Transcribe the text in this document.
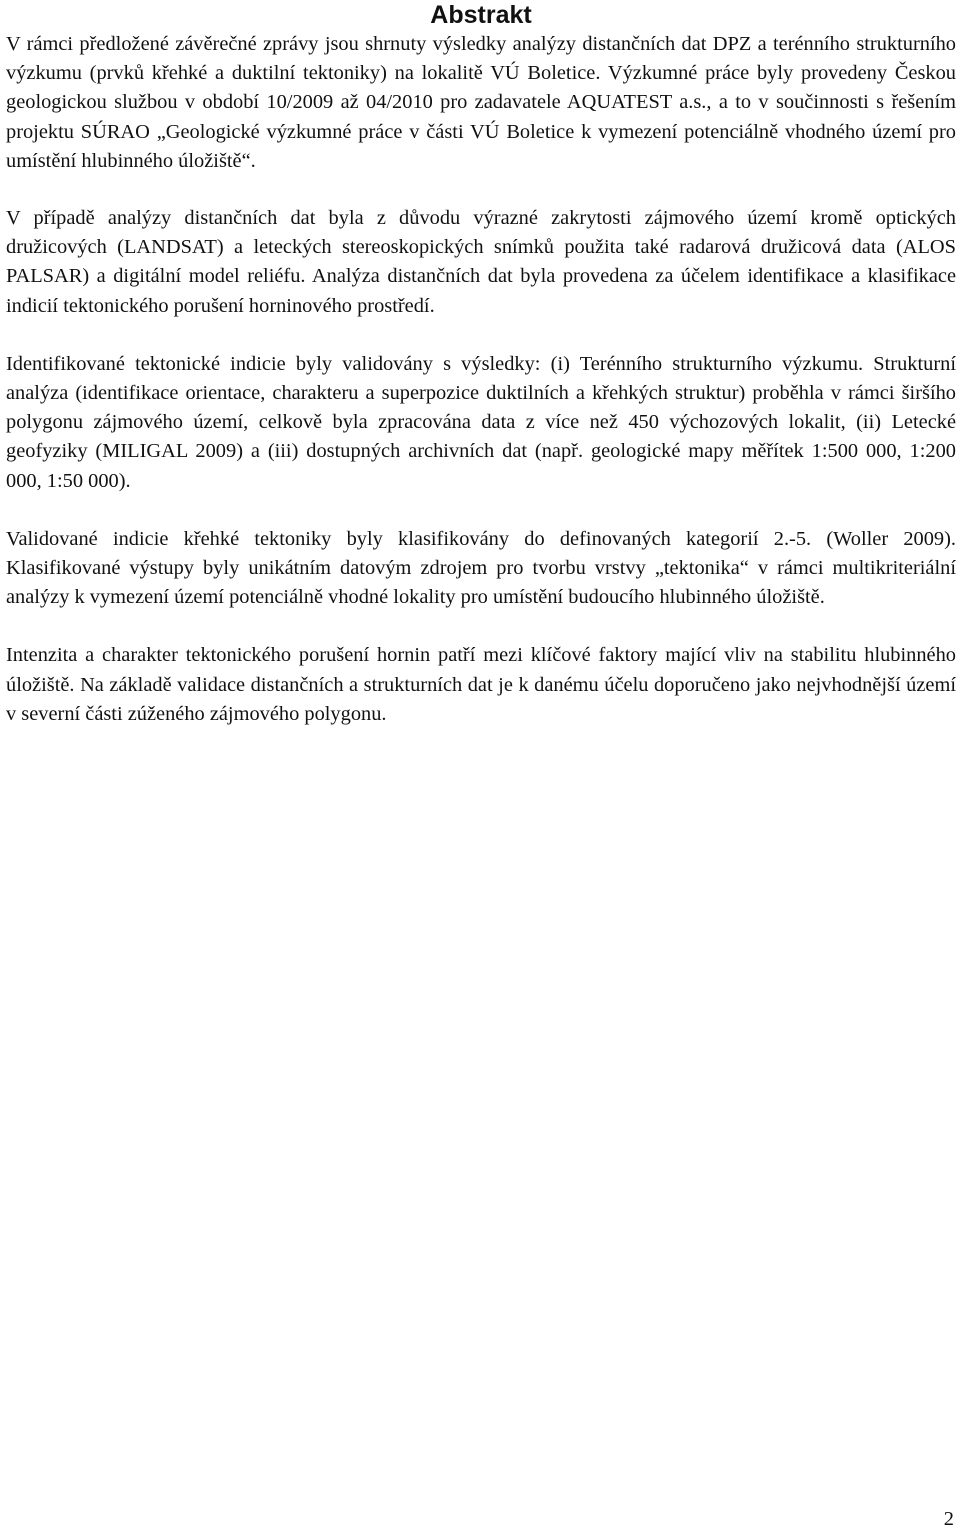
Abstrakt

V rámci předložené závěrečné zprávy jsou shrnuty výsledky analýzy distančních dat DPZ a terénního strukturního výzkumu (prvků křehké a duktilní tektoniky) na lokalitě VÚ Boletice. Výzkumné práce byly provedeny Českou geologickou službou v období 10/2009 až 04/2010 pro zadavatele AQUATEST a.s., a to v součinnosti s řešením projektu SÚRAO „Geologické výzkumné práce v části VÚ Boletice k vymezení potenciálně vhodného území pro umístění hlubinného úložiště“.

V případě analýzy distančních dat byla z důvodu výrazné zakrytosti zájmového území kromě optických družicových (LANDSAT) a leteckých stereoskopických snímků použita také radarová družicová data (ALOS PALSAR) a digitální model reliéfu. Analýza distančních dat byla provedena za účelem identifikace a klasifikace indicií tektonického porušení horninového prostředí.

Identifikované tektonické indicie byly validovány s výsledky: (i) Terénního strukturního výzkumu. Strukturní analýza (identifikace orientace, charakteru a superpozice duktilních a křehkých struktur) proběhla v rámci širšího polygonu zájmového území, celkově byla zpracována data z více než 450 výchozových lokalit, (ii) Letecké geofyziky (MILIGAL 2009) a (iii) dostupných archivních dat (např. geologické mapy měřítek 1:500 000, 1:200 000, 1:50 000).

Validované indicie křehké tektoniky byly klasifikovány do definovaných kategorií 2.-5. (Woller 2009). Klasifikované výstupy byly unikátním datovým zdrojem pro tvorbu vrstvy „tektonika“ v rámci multikriteriální analýzy k vymezení území potenciálně vhodné lokality pro umístění budoucího hlubinného úložiště.

Intenzita a charakter tektonického porušení hornin patří mezi klíčové faktory mající vliv na stabilitu hlubinného úložiště. Na základě validace distančních a strukturních dat je k danému účelu doporučeno jako nejvhodnější území v severní části zúženého zájmového polygonu.

2
